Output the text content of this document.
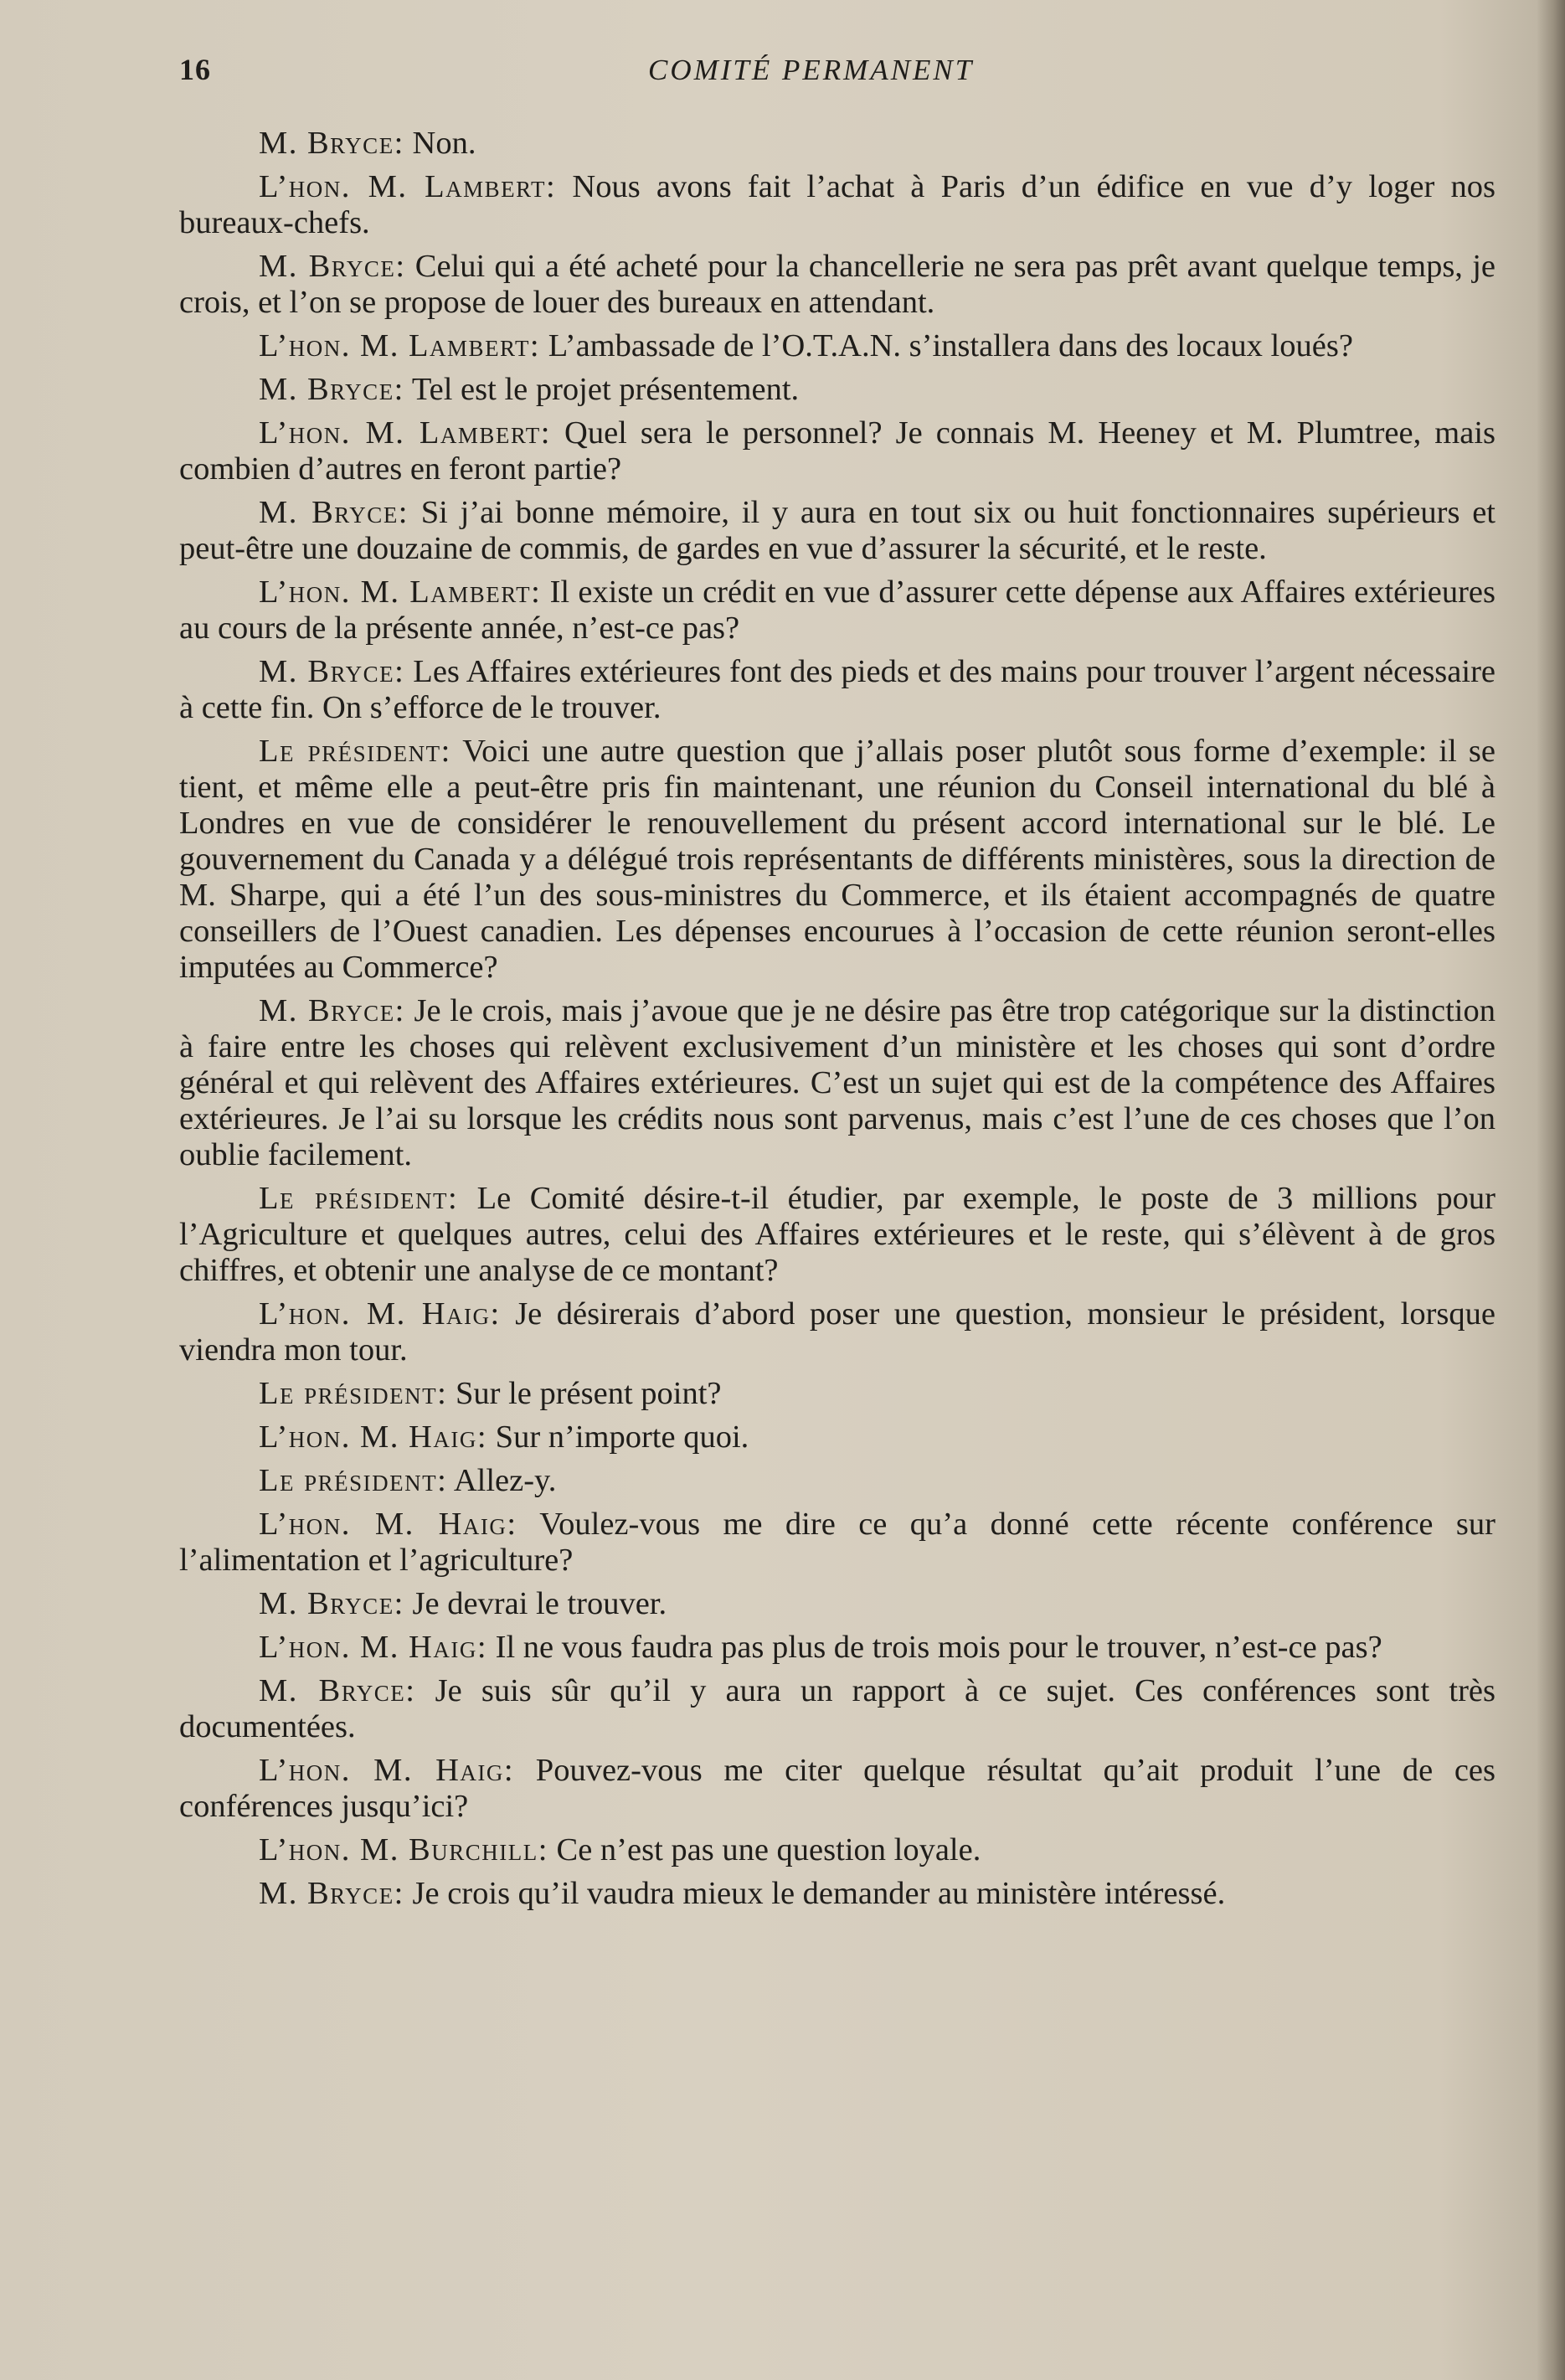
16	COMITÉ PERMANENT

M. Bryce: Non.

L’hon. M. Lambert: Nous avons fait l’achat à Paris d’un édifice en vue d’y loger nos bureaux-chefs.

M. Bryce: Celui qui a été acheté pour la chancellerie ne sera pas prêt avant quelque temps, je crois, et l’on se propose de louer des bureaux en attendant.

L’hon. M. Lambert: L’ambassade de l’O.T.A.N. s’installera dans des locaux loués?

M. Bryce: Tel est le projet présentement.

L’hon. M. Lambert: Quel sera le personnel? Je connais M. Heeney et M. Plumtree, mais combien d’autres en feront partie?

M. Bryce: Si j’ai bonne mémoire, il y aura en tout six ou huit fonctionnaires supérieurs et peut-être une douzaine de commis, de gardes en vue d’assurer la sécurité, et le reste.

L’hon. M. Lambert: Il existe un crédit en vue d’assurer cette dépense aux Affaires extérieures au cours de la présente année, n’est-ce pas?

M. Bryce: Les Affaires extérieures font des pieds et des mains pour trouver l’argent nécessaire à cette fin. On s’efforce de le trouver.

Le président: Voici une autre question que j’allais poser plutôt sous forme d’exemple: il se tient, et même elle a peut-être pris fin maintenant, une réunion du Conseil international du blé à Londres en vue de considérer le renouvellement du présent accord international sur le blé. Le gouvernement du Canada y a délégué trois représentants de différents ministères, sous la direction de M. Sharpe, qui a été l’un des sous-ministres du Commerce, et ils étaient accompagnés de quatre conseillers de l’Ouest canadien. Les dépenses encourues à l’occasion de cette réunion seront-elles imputées au Commerce?

M. Bryce: Je le crois, mais j’avoue que je ne désire pas être trop catégorique sur la distinction à faire entre les choses qui relèvent exclusivement d’un ministère et les choses qui sont d’ordre général et qui relèvent des Affaires extérieures. C’est un sujet qui est de la compétence des Affaires extérieures. Je l’ai su lorsque les crédits nous sont parvenus, mais c’est l’une de ces choses que l’on oublie facilement.

Le président: Le Comité désire-t-il étudier, par exemple, le poste de 3 millions pour l’Agriculture et quelques autres, celui des Affaires extérieures et le reste, qui s’élèvent à de gros chiffres, et obtenir une analyse de ce montant?

L’hon. M. Haig: Je désirerais d’abord poser une question, monsieur le président, lorsque viendra mon tour.

Le président: Sur le présent point?

L’hon. M. Haig: Sur n’importe quoi.

Le président: Allez-y.

L’hon. M. Haig: Voulez-vous me dire ce qu’a donné cette récente conférence sur l’alimentation et l’agriculture?

M. Bryce: Je devrai le trouver.

L’hon. M. Haig: Il ne vous faudra pas plus de trois mois pour le trouver, n’est-ce pas?

M. Bryce: Je suis sûr qu’il y aura un rapport à ce sujet. Ces conférences sont très documentées.

L’hon. M. Haig: Pouvez-vous me citer quelque résultat qu’ait produit l’une de ces conférences jusqu’ici?

L’hon. M. Burchill: Ce n’est pas une question loyale.

M. Bryce: Je crois qu’il vaudra mieux le demander au ministère intéressé.
